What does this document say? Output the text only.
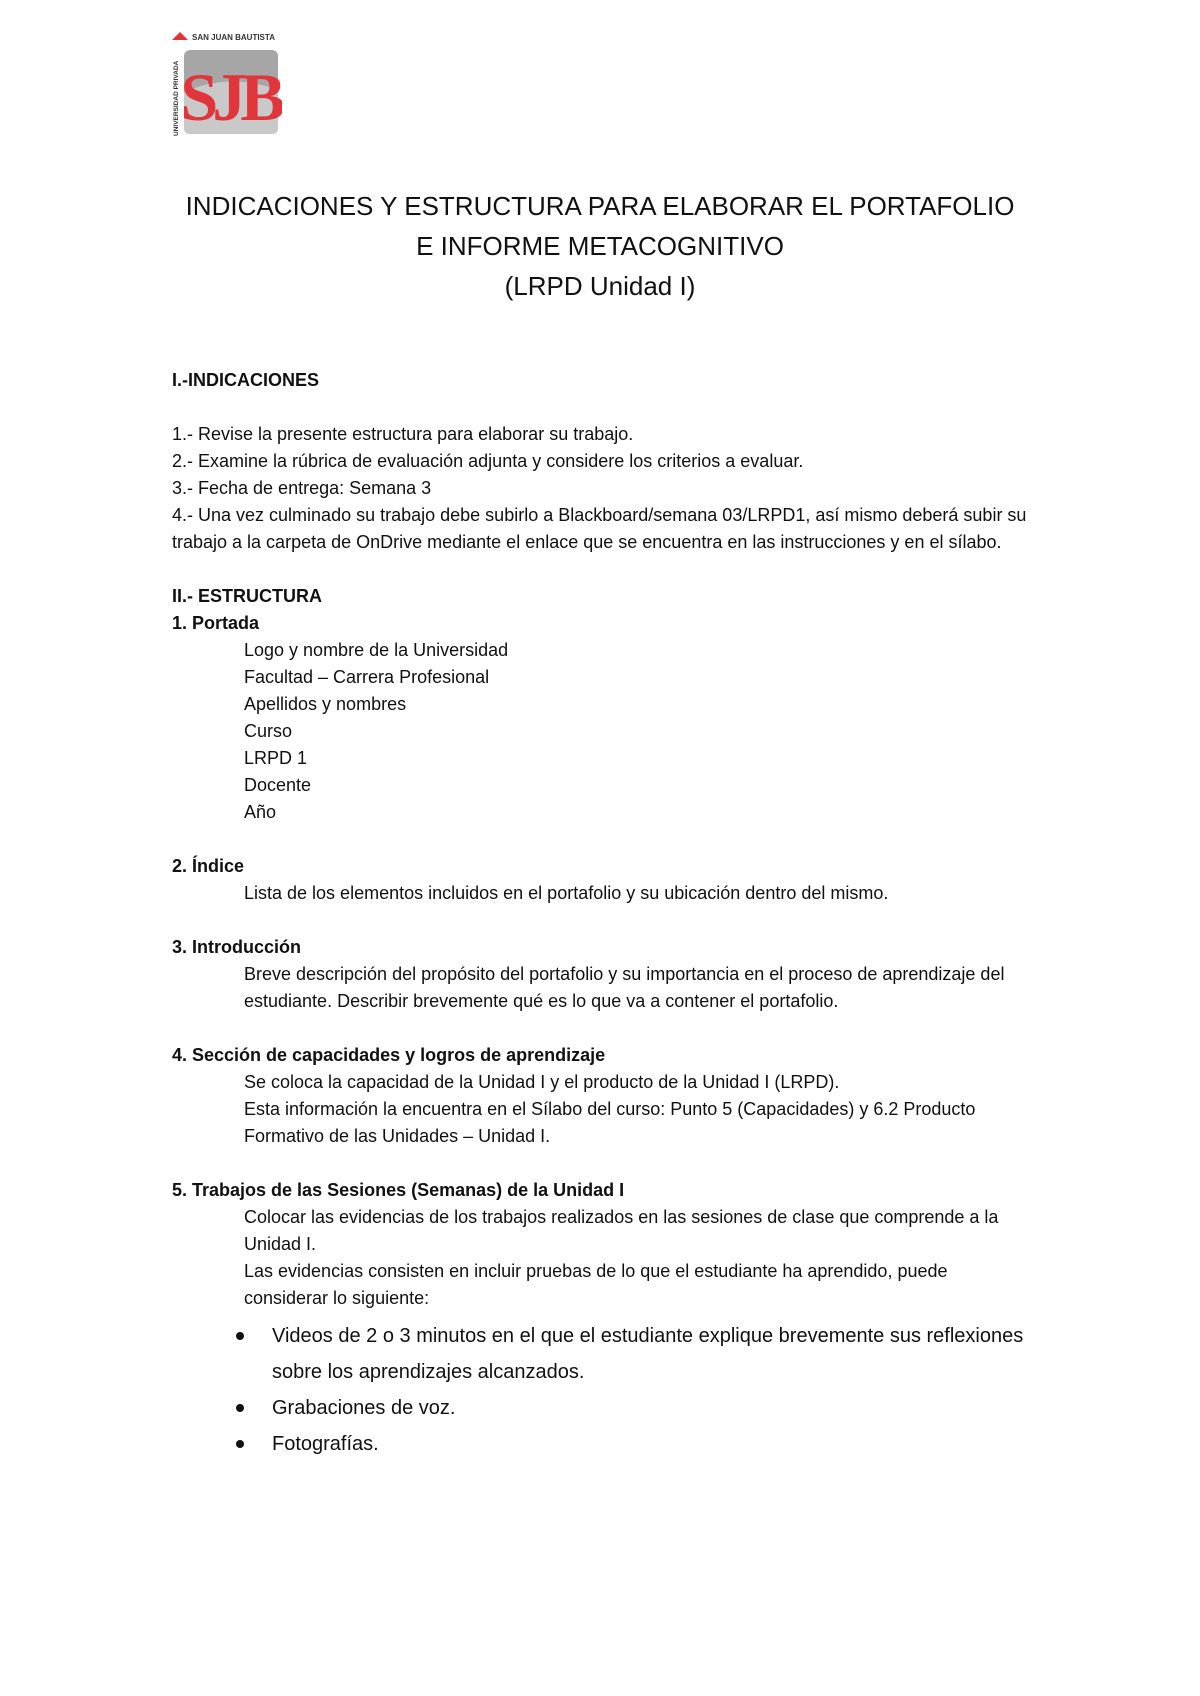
SAN JUAN BAUTISTA
UNIVERSIDAD PRIVADA SJB
INDICACIONES Y ESTRUCTURA PARA ELABORAR EL PORTAFOLIO
E INFORME METACOGNITIVO
(LRPD Unidad I)
I.-INDICACIONES
1.- Revise la presente estructura para elaborar su trabajo.
2.- Examine la rúbrica de evaluación adjunta y considere los criterios a evaluar.
3.- Fecha de entrega: Semana 3
4.- Una vez culminado su trabajo debe subirlo a Blackboard/semana 03/LRPD1, así mismo deberá subir su trabajo a la carpeta de OnDrive mediante el enlace que se encuentra en las instrucciones y en el sílabo.
II.- ESTRUCTURA
1. Portada
Logo y nombre de la Universidad
Facultad – Carrera Profesional
Apellidos y nombres
Curso
LRPD 1
Docente
Año
2. Índice
Lista de los elementos incluidos en el portafolio y su ubicación dentro del mismo.
3. Introducción
Breve descripción del propósito del portafolio y su importancia en el proceso de aprendizaje del estudiante. Describir brevemente qué es lo que va a contener el portafolio.
4. Sección de capacidades y logros de aprendizaje
Se coloca la capacidad de la Unidad I y el producto de la Unidad I (LRPD).
Esta información la encuentra en el Sílabo del curso: Punto 5 (Capacidades) y 6.2 Producto Formativo de las Unidades – Unidad I.
5. Trabajos de las Sesiones (Semanas) de la Unidad I
Colocar las evidencias de los trabajos realizados en las sesiones de clase que comprende a la Unidad I.
Las evidencias consisten en incluir pruebas de lo que el estudiante ha aprendido, puede considerar lo siguiente:
Videos de 2 o 3 minutos en el que el estudiante explique brevemente sus reflexiones sobre los aprendizajes alcanzados.
Grabaciones de voz.
Fotografías.
